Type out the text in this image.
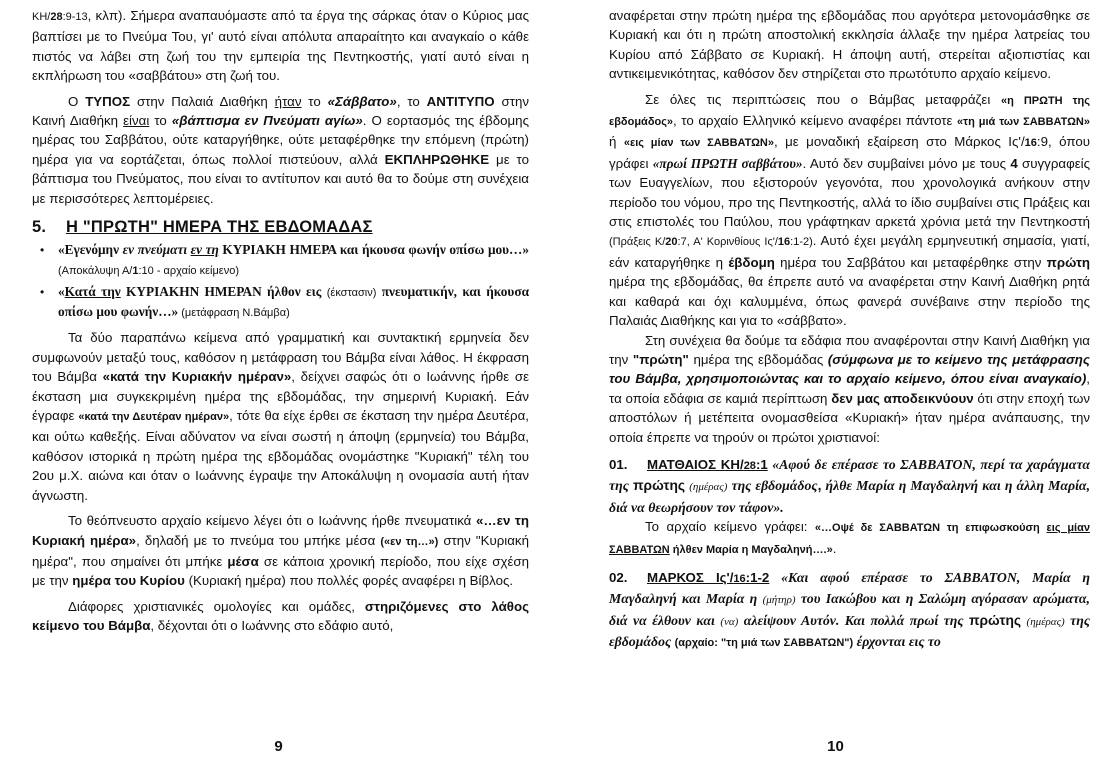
ΚΗ/28:9-13, κλπ). Σήμερα αναπαυόμαστε από τα έργα της σάρκας όταν ο Κύριος μας βαπτίσει με το Πνεύμα Του, γι' αυτό είναι απόλυτα απαραίτητο και αναγκαίο ο κάθε πιστός να λάβει στη ζωή του την εμπειρία της Πεντηκοστής, γιατί αυτό είναι η εκπλήρωση του «σαββάτου» στη ζωή του.

Ο ΤΥΠΟΣ στην Παλαιά Διαθήκη ήταν το «Σάββατο», το ΑΝΤΙΤΥΠΟ στην Καινή Διαθήκη είναι το «βάπτισμα εν Πνεύματι αγίω». Ο εορτασμός της έβδομης ημέρας του Σαββάτου, ούτε καταργήθηκε, ούτε μεταφέρθηκε την επόμενη (πρώτη) ημέρα για να εορτάζεται, όπως πολλοί πιστεύουν, αλλά ΕΚΠΛΗΡΩΘΗΚΕ με το βάπτισμα του Πνεύματος, που είναι το αντίτυπον και αυτό θα το δούμε στη συνέχεια με περισσότερες λεπτομέρειες.

5. Η "ΠΡΩΤΗ" ΗΜΕΡΑ ΤΗΣ ΕΒΔΟΜΑΔΑΣ
• «Εγενόμην εν πνεύματι εν τη ΚΥΡΙΑΚΗ ΗΜΕΡΑ και ήκουσα φωνήν οπίσω μου…» (Αποκάλυψη Α/1:10 - αρχαίο κείμενο)
• «Κατά την ΚΥΡΙΑΚΗΝ ΗΜΕΡΑΝ ήλθον εις (έκστασιν) πνευματικήν, και ήκουσα οπίσω μου φωνήν…» (μετάφραση Ν.Βάμβα)

Τα δύο παραπάνω κείμενα από γραμματική και συντακτική ερμηνεία δεν συμφωνούν μεταξύ τους, καθόσον η μετάφραση του Βάμβα είναι λάθος. Η έκφραση του Βάμβα «κατά την Κυριακήν ημέραν», δείχνει σαφώς ότι ο Ιωάννης ήρθε σε έκσταση μια συγκεκριμένη ημέρα της εβδομάδας, την σημερινή Κυριακή. Εάν έγραφε «κατά την Δευτέραν ημέραν», τότε θα είχε έρθει σε έκσταση την ημέρα Δευτέρα, και ούτω καθεξής. Είναι αδύνατον να είναι σωστή η άποψη (ερμηνεία) του Βάμβα, καθόσον ιστορικά η πρώτη ημέρα της εβδομάδας ονομάστηκε "Κυριακή" τέλη του 2ου μ.Χ. αιώνα και όταν ο Ιωάννης έγραψε την Αποκάλυψη η ονομασία αυτή ήταν άγνωστη.

Το θεόπνευστο αρχαίο κείμενο λέγει ότι ο Ιωάννης ήρθε πνευματικά «…εν τη Κυριακή ημέρα», δηλαδή με το πνεύμα του μπήκε μέσα («εν τη…») στην "Κυριακή ημέρα", που σημαίνει ότι μπήκε μέσα σε κάποια χρονική περίοδο, που είχε σχέση με την ημέρα του Κυρίου (Κυριακή ημέρα) που πολλές φορές αναφέρει η Βίβλος.

Διάφορες χριστιανικές ομολογίες και ομάδες, στηριζόμενες στο λάθος κείμενο του Βάμβα, δέχονται ότι ο Ιωάννης στο εδάφιο αυτό,

9

αναφέρεται στην πρώτη ημέρα της εβδομάδας που αργότερα μετονομάσθηκε σε Κυριακή και ότι η πρώτη αποστολική εκκλησία άλλαξε την ημέρα λατρείας του Κυρίου από Σάββατο σε Κυριακή. Η άποψη αυτή, στερείται αξιοπιστίας και αντικειμενικότητας, καθόσον δεν στηρίζεται στο πρωτότυπο αρχαίο κείμενο.

Σε όλες τις περιπτώσεις που ο Βάμβας μεταφράζει «η ΠΡΩΤΗ της εβδομάδος», το αρχαίο Ελληνικό κείμενο αναφέρει πάντοτε «τη μιά των ΣΑΒΒΑΤΩΝ» ή «εις μίαν των ΣΑΒΒΑΤΩΝ», με μοναδική εξαίρεση στο Μάρκος Ις'/16:9, όπου γράφει «πρωί ΠΡΩΤΗ σαββάτου». Αυτό δεν συμβαίνει μόνο με τους 4 συγγραφείς των Ευαγγελίων, που εξιστορούν γεγονότα, που χρονολογικά ανήκουν στην περίοδο του νόμου, προ της Πεντηκοστής, αλλά το ίδιο συμβαίνει στις Πράξεις και στις επιστολές του Παύλου, που γράφτηκαν αρκετά χρόνια μετά την Πεντηκοστή (Πράξεις Κ/20:7, Α' Κορινθίους Ις'/16:1-2). Αυτό έχει μεγάλη ερμηνευτική σημασία, γιατί, εάν καταργήθηκε η έβδομη ημέρα του Σαββάτου και μεταφέρθηκε στην πρώτη ημέρα της εβδομάδας, θα έπρεπε αυτό να αναφέρεται στην Καινή Διαθήκη ρητά και καθαρά και όχι καλυμμένα, όπως φανερά συνέβαινε στην περίοδο της Παλαιάς Διαθήκης και για το «σάββατο».

Στη συνέχεια θα δούμε τα εδάφια που αναφέρονται στην Καινή Διαθήκη για την "πρώτη" ημέρα της εβδομάδας (σύμφωνα με το κείμενο της μετάφρασης του Βάμβα, χρησιμοποιώντας και το αρχαίο κείμενο, όπου είναι αναγκαίο), τα οποία εδάφια σε καμιά περίπτωση δεν μας αποδεικνύουν ότι στην εποχή των αποστόλων ή μετέπειτα ονομασθείσα «Κυριακή» ήταν ημέρα ανάπαυσης, την οποία έπρεπε να τηρούν οι πρώτοι χριστιανοί:

01. ΜΑΤΘΑΙΟΣ ΚΗ/28:1 «Αφού δε επέρασε το ΣΑΒΒΑΤΟΝ, περί τα χαράγματα της πρώτης (ημέρας) της εβδομάδος, ήλθε Μαρία η Μαγδαληνή και η άλλη Μαρία, διά να θεωρήσουν τον τάφον».

Το αρχαίο κείμενο γράφει: «…Οψέ δε ΣΑΒΒΑΤΩΝ τη επιφωσκούση εις μίαν ΣΑΒΒΑΤΩΝ ήλθεν Μαρία η Μαγδαληνή….».

02. ΜΑΡΚΟΣ Ις'/16:1-2 «Και αφού επέρασε το ΣΑΒΒΑΤΟΝ, Μαρία η Μαγδαληνή και Μαρία η (μήτηρ) του Ιακώβου και η Σαλώμη αγόρασαν αρώματα, διά να έλθουν και (να) αλείψουν Αυτόν. Και πολλά πρωί της πρώτης (ημέρας) της εβδομάδος (αρχαίο: "τη μιά των ΣΑΒΒΑΤΩΝ") έρχονται εις το

10
